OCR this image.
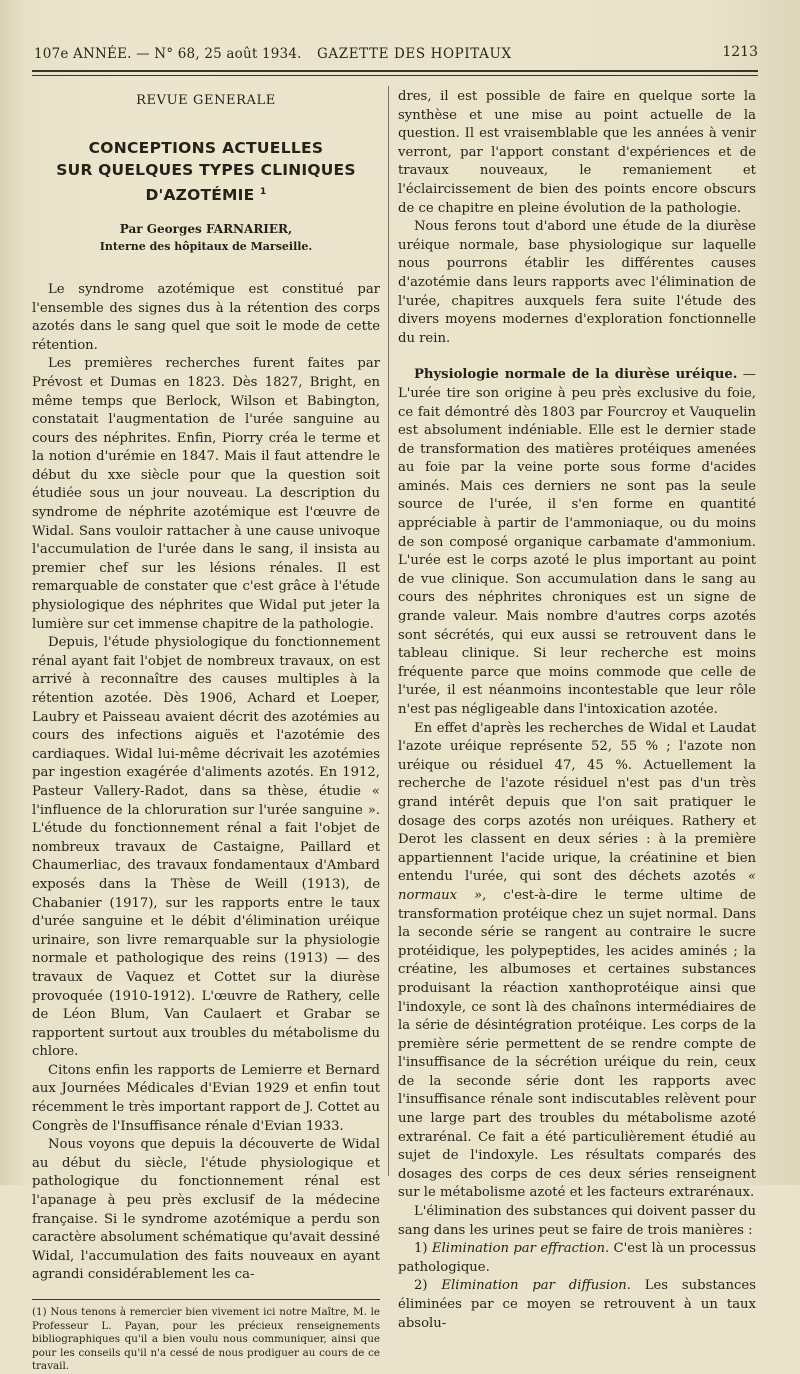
107e ANNÉE. — N° 68, 25 août 1934. GAZETTE DES HOPITAUX	1213
REVUE GENERALE
CONCEPTIONS ACTUELLES
SUR QUELQUES TYPES CLINIQUES D'AZOTÉMIE $^1$
Par Georges FARNARIER,
Interne des hôpitaux de Marseille.

Le syndrome azotémique est constitué par l'ensemble des signes dus à la rétention des corps azotés dans le sang quel que soit le mode de cette rétention.

Les premières recherches furent faites par Prévost et Dumas en 1823. Dès 1827, Bright, en même temps que Berlock, Wilson et Babington, constatait l'augmentation de l'urée sanguine au cours des néphrites. Enfin, Piorry créa le terme et la notion d'urémie en 1847. Mais il faut attendre le début du xxe siècle pour que la question soit étudiée sous un jour nouveau. La description du syndrome de néphrite azotémique est l'œuvre de Widal. Sans vouloir rattacher à une cause univoque l'accumulation de l'urée dans le sang, il insista au premier chef sur les lésions rénales. Il est remarquable de constater que c'est grâce à l'étude physiologique des néphrites que Widal put jeter la lumière sur cet immense chapitre de la pathologie.

Depuis, l'étude physiologique du fonctionnement rénal ayant fait l'objet de nombreux travaux, on est arrivé à reconnaître des causes multiples à la rétention azotée. Dès 1906, Achard et Loeper, Laubry et Paisseau avaient décrit des azotémies au cours des infections aiguës et l'azotémie des cardiaques. Widal lui-même décrivait les azotémies par ingestion exagérée d'aliments azotés. En 1912, Pasteur Vallery-Radot, dans sa thèse, étudie « l'influence de la chloruration sur l'urée sanguine ». L'étude du fonctionnement rénal a fait l'objet de nombreux travaux de Castaigne, Paillard et Chaumerliac, des travaux fondamentaux d'Ambard exposés dans la Thèse de Weill (1913), de Chabanier (1917), sur les rapports entre le taux d'urée sanguine et le débit d'élimination uréique urinaire, son livre remarquable sur la physiologie normale et pathologique des reins (1913) — des travaux de Vaquez et Cottet sur la diurèse provoquée (1910-1912). L'œuvre de Rathery, celle de Léon Blum, Van Caulaert et Grabar se rapportent surtout aux troubles du métabolisme du chlore.

Citons enfin les rapports de Lemierre et Bernard aux Journées Médicales d'Evian 1929 et enfin tout récemment le très important rapport de J. Cottet au Congrès de l'Insuffisance rénale d'Evian 1933.

Nous voyons que depuis la découverte de Widal au début du siècle, l'étude physiologique et pathologique du fonctionnement rénal est l'apanage à peu près exclusif de la médecine française. Si le syndrome azotémique a perdu son caractère absolument schématique qu'avait dessiné Widal, l'accumulation des faits nouveaux en ayant agrandi considérablement les ca-

(1) Nous tenons à remercier bien vivement ici notre Maître, M. le Professeur L. Payan, pour les précieux renseignements bibliographiques qu'il a bien voulu nous communiquer, ainsi que pour les conseils qu'il n'a cessé de nous prodiguer au cours de ce travail.

dres, il est possible de faire en quelque sorte la synthèse et une mise au point actuelle de la question. Il est vraisemblable que les années à venir verront, par l'apport constant d'expériences et de travaux nouveaux, le remaniement et l'éclaircissement de bien des points encore obscurs de ce chapitre en pleine évolution de la pathologie.

Nous ferons tout d'abord une étude de la diurèse uréique normale, base physiologique sur laquelle nous pourrons établir les différentes causes d'azotémie dans leurs rapports avec l'élimination de l'urée, chapitres auxquels fera suite l'étude des divers moyens modernes d'exploration fonctionnelle du rein.

Physiologie normale de la diurèse uréique. — L'urée tire son origine à peu près exclusive du foie, ce fait démontré dès 1803 par Fourcroy et Vauquelin est absolument indéniable. Elle est le dernier stade de transformation des matières protéiques amenées au foie par la veine porte sous forme d'acides aminés. Mais ces derniers ne sont pas la seule source de l'urée, il s'en forme en quantité appréciable à partir de l'ammoniaque, ou du moins de son composé organique carbamate d'ammonium. L'urée est le corps azoté le plus important au point de vue clinique. Son accumulation dans le sang au cours des néphrites chroniques est un signe de grande valeur. Mais nombre d'autres corps azotés sont sécrétés, qui eux aussi se retrouvent dans le tableau clinique. Si leur recherche est moins fréquente parce que moins commode que celle de l'urée, il est néanmoins incontestable que leur rôle n'est pas négligeable dans l'intoxication azotée.

En effet d'après les recherches de Widal et Laudat l'azote uréique représente 52, 55 % ; l'azote non uréique ou résiduel 47, 45 %. Actuellement la recherche de l'azote résiduel n'est pas d'un très grand intérêt depuis que l'on sait pratiquer le dosage des corps azotés non uréiques. Rathery et Derot les classent en deux séries : à la première appartiennent l'acide urique, la créatinine et bien entendu l'urée, qui sont des déchets azotés « normaux », c'est-à-dire le terme ultime de transformation protéique chez un sujet normal. Dans la seconde série se rangent au contraire le sucre protéidique, les polypeptides, les acides aminés ; la créatine, les albumoses et certaines substances produisant la réaction xanthoprotéique ainsi que l'indoxyle, ce sont là des chaînons intermédiaires de la série de désintégration protéique. Les corps de la première série permettent de se rendre compte de l'insuffisance de la sécrétion uréique du rein, ceux de la seconde série dont les rapports avec l'insuffisance rénale sont indiscutables relèvent pour une large part des troubles du métabolisme azoté extrarénal. Ce fait a été particulièrement étudié au sujet de l'indoxyle. Les résultats comparés des dosages des corps de ces deux séries renseignent sur le métabolisme azoté et les facteurs extrarénaux.

L'élimination des substances qui doivent passer du sang dans les urines peut se faire de trois manières :

1) Elimination par effraction. C'est là un processus pathologique.

2) Elimination par diffusion. Les substances éliminées par ce moyen se retrouvent à un taux absolu-
